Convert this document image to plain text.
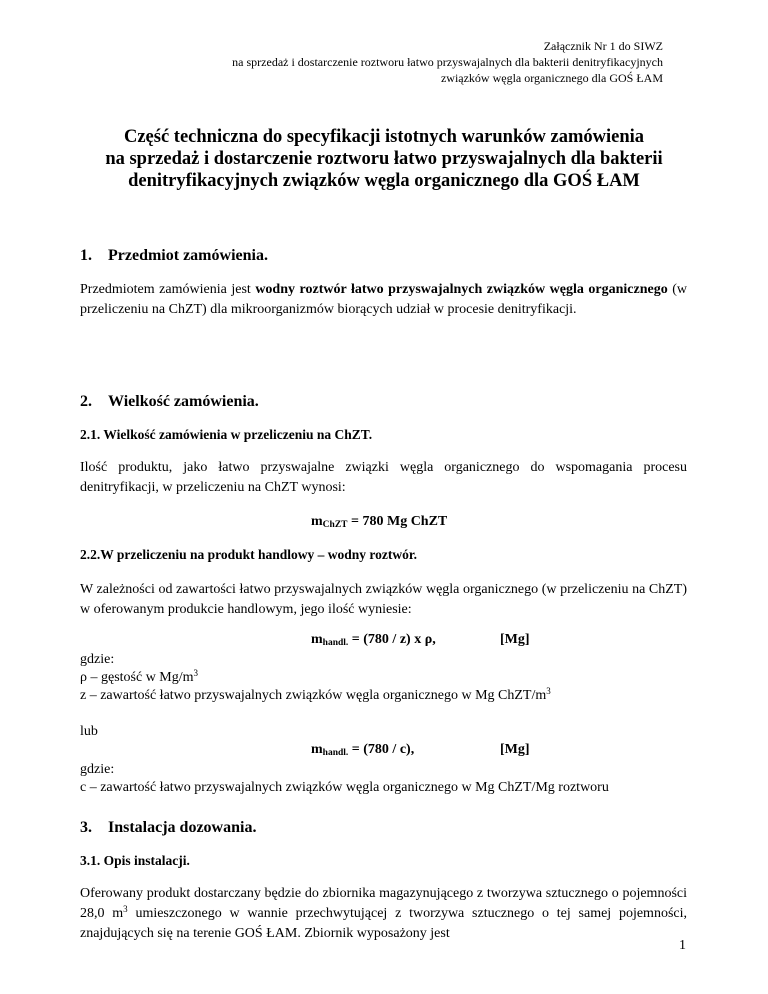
Załącznik Nr 1 do SIWZ
na sprzedaż i dostarczenie roztworu łatwo przyswajalnych dla bakterii denitryfikacyjnych
związków węgla organicznego dla GOŚ ŁAM
Część techniczna do specyfikacji istotnych warunków zamówienia
na sprzedaż i dostarczenie roztworu łatwo przyswajalnych dla bakterii
denitryfikacyjnych związków węgla organicznego dla GOŚ ŁAM
1. Przedmiot zamówienia.
Przedmiotem zamówienia jest wodny roztwór łatwo przyswajalnych związków węgla organicznego (w przeliczeniu na ChZT) dla mikroorganizmów biorących udział w procesie denitryfikacji.
2. Wielkość zamówienia.
2.1. Wielkość zamówienia w przeliczeniu na ChZT.
Ilość produktu, jako łatwo przyswajalne związki węgla organicznego do wspomagania procesu denitryfikacji, w przeliczeniu na ChZT wynosi:
$m_{ChZT} = 780$ Mg ChZT
2.2.W przeliczeniu na produkt handlowy – wodny roztwór.
W zależności od zawartości łatwo przyswajalnych związków węgla organicznego (w przeliczeniu na ChZT) w oferowanym produkcie handlowym, jego ilość wyniesie:
$m_{handl.} = (780 / z)$ x ρ,	[Mg]
gdzie:
ρ – gęstość w $Mg/m^3$
z – zawartość łatwo przyswajalnych związków węgla organicznego w Mg ChZT/$m^3$
lub
$m_{handl.} = (780 / c)$,	[Mg]
gdzie:
c – zawartość łatwo przyswajalnych związków węgla organicznego w Mg ChZT/Mg roztworu
3. Instalacja dozowania.
3.1. Opis instalacji.
Oferowany produkt dostarczany będzie do zbiornika magazynującego z tworzywa sztucznego o pojemności 28,0 $m^3$ umieszczonego w wannie przechwytującej z tworzywa sztucznego o tej samej pojemności, znajdujących się na terenie GOŚ ŁAM. Zbiornik wyposażony jest
1
